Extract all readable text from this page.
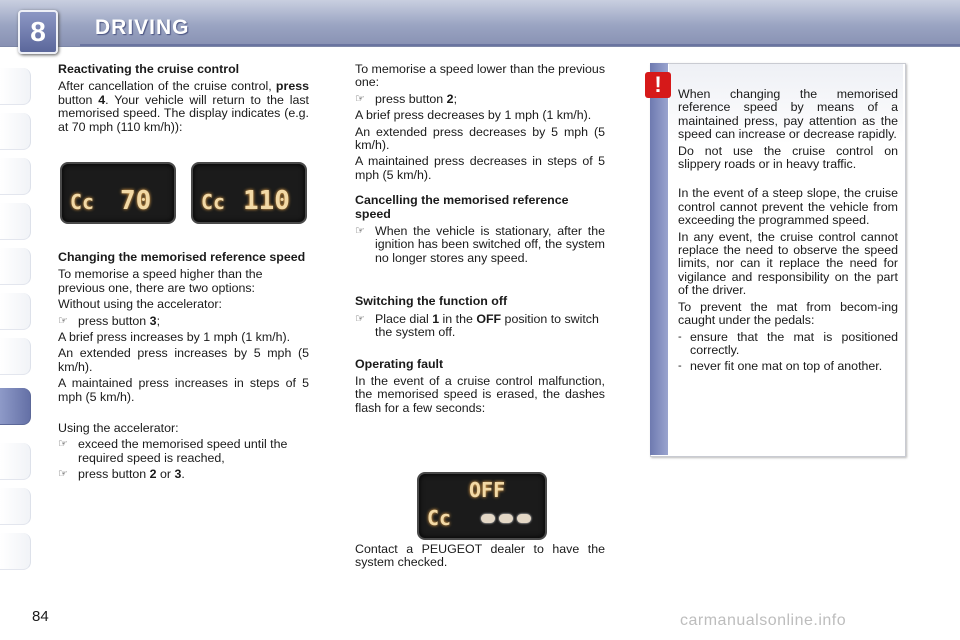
8	DRIVING

Reactivating the cruise control

After cancellation of the cruise control, press button 4. Your vehicle will return to the last memorised speed. The display indicates (e.g. at 70 mph (110 km/h)):

Cc 70 Cc 110

Changing the memorised reference speed

To memorise a speed higher than the previous one, there are two options:

Without using the accelerator:

☞ press button 3;

A brief press increases by 1 mph (1 km/h).

An extended press increases by 5 mph (5 km/h).

A maintained press increases in steps of 5 mph (5 km/h).

Using the accelerator:

☞ exceed the memorised speed until the required speed is reached,
☞ press button 2 or 3.

To memorise a speed lower than the previous one:

☞ press button 2;

A brief press decreases by 1 mph (1 km/h).

An extended press decreases by 5 mph (5 km/h).

A maintained press decreases in steps of 5 mph (5 km/h).

Cancelling the memorised reference speed

☞ When the vehicle is stationary, after the ignition has been switched off, the system no longer stores any speed.

Switching the function off

☞ Place dial 1 in the OFF position to switch the system off.

Operating fault

In the event of a cruise control malfunction, the memorised speed is erased, the dashes flash for a few seconds:

OFF
Cc

Contact a PEUGEOT dealer to have the system checked.

!	When changing the memorised reference speed by means of a maintained press, pay attention as the speed can increase or decrease rapidly.

Do not use the cruise control on slippery roads or in heavy traffic.

In the event of a steep slope, the cruise control cannot prevent the vehicle from exceeding the programmed speed.

In any event, the cruise control cannot replace the need to observe the speed limits, nor can it replace the need for vigilance and responsibility on the part of the driver.

To prevent the mat from becom-ing caught under the pedals:

- ensure that the mat is positioned correctly.
- never fit one mat on top of another.
84	carmanualsonline.info
